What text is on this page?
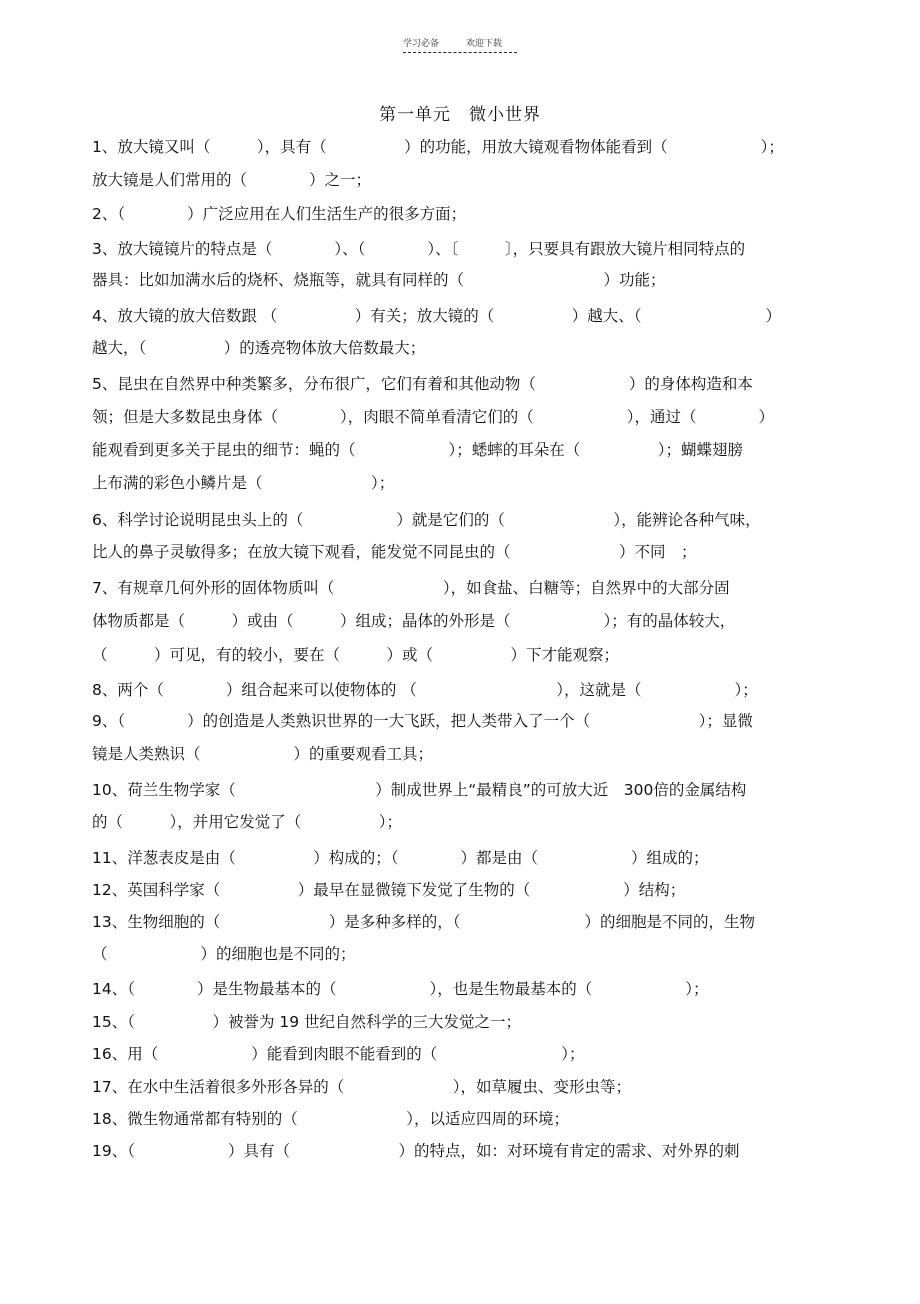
学习必备　　　	欢迎下载
第一单元　微小世界
1、放大镜又叫（　　　），具有（　　　　　）的功能，用放大镜观看物体能看到（　　　　　　）；
放大镜是人们常用的（　　　　）之一；
2、（　　　　）广泛应用在人们生活生产的很多方面；
3、放大镜镜片的特点是（　　　　）、（　　　　）、〔　　　〕，只要具有跟放大镜片相同特点的
器具：比如加满水后的烧杯、烧瓶等，就具有同样的（　　　　　　　　　）功能；
4、放大镜的放大倍数跟 （　　　　　）有关；放大镜的（　　　　　）越大、（　　　　　　　　）
越大，（　　　　　）的透亮物体放大倍数最大；
5、昆虫在自然界中种类繁多，分布很广，它们有着和其他动物（　　　　　　）的身体构造和本
领；但是大多数昆虫身体（　　　　），肉眼不简单看清它们的（　　　　　　），通过（　　　　）
能观看到更多关于昆虫的细节：蝇的（　　　　　　）；蟋蟀的耳朵在（　　　　　）；蝴蝶翅膀
上布满的彩色小鳞片是（　　　　　　　）；
6、科学讨论说明昆虫头上的（　　　　　　）就是它们的（　　　　　　　），能辨论各种气味，
比人的鼻子灵敏得多；在放大镜下观看，能发觉不同昆虫的（　　　　　　　）不同　；
7、有规章几何外形的固体物质叫（　　　　　　　），如食盐、白糖等；自然界中的大部分固
体物质都是（　　　）或由（　　　）组成；晶体的外形是（　　　　　　）；有的晶体较大，
（　　　）可见，有的较小，要在（　　　）或（　　　　　）下才能观察；
8、两个（　　　　）组合起来可以使物体的 （　　　　　　　　　），这就是（　　　　　　）；
9、（　　　　）的创造是人类熟识世界的一大飞跃，把人类带入了一个（　　　　　　　）；显微
镜是人类熟识（　　　　　　）的重要观看工具；
10、荷兰生物学家（　　　　　　　　　）制成世界上“最精良”的可放大近　300倍的金属结构
的（　　　），并用它发觉了（　　　　　）；
11、洋葱表皮是由（　　　　　）构成的；（　　　　）都是由（　　　　　　）组成的；
12、英国科学家（　　　　　）最早在显微镜下发觉了生物的（　　　　　　）结构；
13、生物细胞的（　　　　　　　）是多种多样的，（　　　　　　　　）的细胞是不同的，生物
（　　　　　　）的细胞也是不同的；
14、（　　　　）是生物最基本的（　　　　　　），也是生物最基本的（　　　　　　）；
15、（　　　　　）被誉为 19 世纪自然科学的三大发觉之一；
16、用（　　　　　　）能看到肉眼不能看到的（　　　　　　　　）；
17、在水中生活着很多外形各异的（　　　　　　　），如草履虫、变形虫等；
18、微生物通常都有特别的（　　　　　　　），以适应四周的环境；
19、（　　　　　　）具有（　　　　　　　）的特点，如：对环境有肯定的需求、对外界的刺
